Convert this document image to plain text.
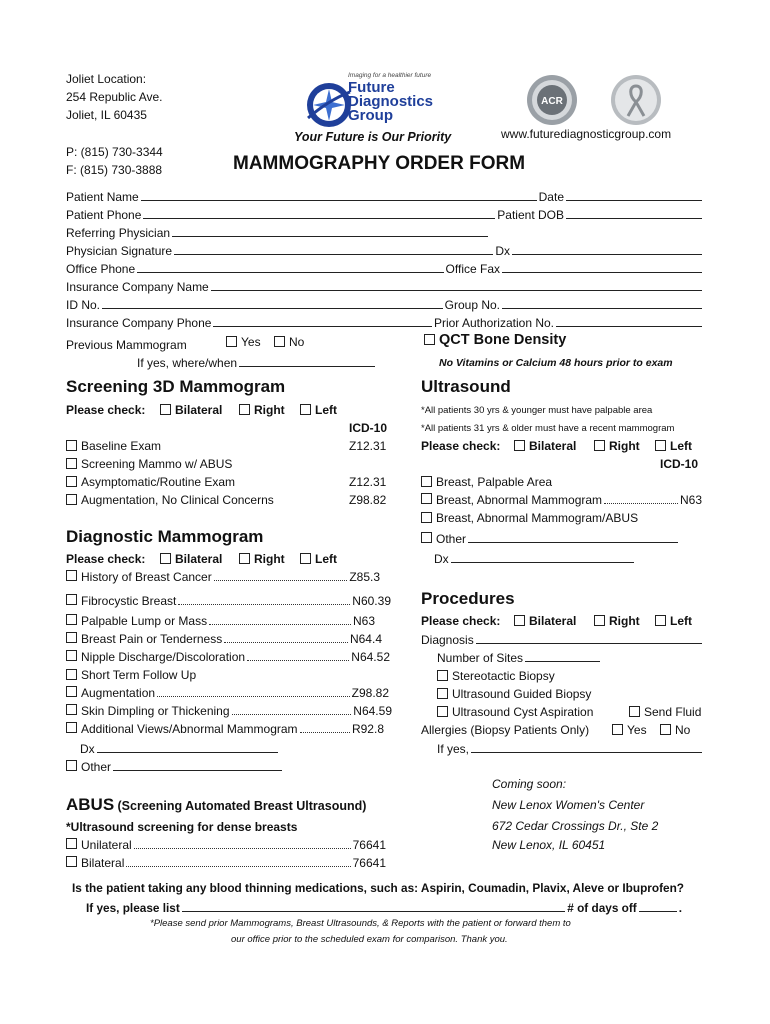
Joliet Location:
254 Republic Ave.
Joliet, IL 60435
P: (815) 730-3344
F: (815) 730-3888
Imaging for a healthier future
Future
Diagnostics
Group
Your Future is Our Priority
ACR
www.futurediagnosticgroup.com
MAMMOGRAPHY ORDER FORM
Patient Name	Date
Patient Phone	Patient DOB
Referring Physician
Physician Signature	Dx
Office Phone	Office Fax
Insurance Company Name
ID No.	Group No.
Insurance Company Phone	Prior Authorization No.
Previous Mammogram	Yes	No
If yes, where/when
QCT Bone Density
No Vitamins or Calcium 48 hours prior to exam
Screening 3D Mammogram
Please check:	Bilateral	Right	Left
ICD-10
Baseline Exam	Z12.31
Screening Mammo w/ ABUS
Asymptomatic/Routine Exam	Z12.31
Augmentation, No Clinical Concerns	Z98.82
Ultrasound
*All patients 30 yrs & younger must have palpable area
*All patients 31 yrs & older must have a recent mammogram
Please check:	Bilateral	Right	Left
ICD-10
Breast, Palpable Area
Breast, Abnormal Mammogram	N63
Breast, Abnormal Mammogram/ABUS
Other
Dx
Diagnostic Mammogram
Please check:	Bilateral	Right	Left
History of Breast Cancer	Z85.3
Fibrocystic Breast	N60.39
Palpable Lump or Mass	N63
Breast Pain or Tenderness	N64.4
Nipple Discharge/Discoloration	N64.52
Short Term Follow Up
Augmentation	Z98.82
Skin Dimpling or Thickening	N64.59
Additional Views/Abnormal Mammogram	R92.8
Dx
Other
Procedures
Please check:	Bilateral	Right	Left
Diagnosis
Number of Sites
Stereotactic Biopsy
Ultrasound Guided Biopsy
Ultrasound Cyst Aspiration	Send Fluid
Allergies (Biopsy Patients Only)	Yes	No
If yes,
ABUS (Screening Automated Breast Ultrasound)
*Ultrasound screening for dense breasts
Unilateral	76641
Bilateral	76641
Coming soon:
New Lenox Women's Center
672 Cedar Crossings Dr., Ste 2
New Lenox, IL 60451
Is the patient taking any blood thinning medications, such as: Aspirin, Coumadin, Plavix, Aleve or Ibuprofen?
If yes, please list	# of days off	.
*Please send prior Mammograms, Breast Ultrasounds, & Reports with the patient or forward them to
our office prior to the scheduled exam for comparison. Thank you.
